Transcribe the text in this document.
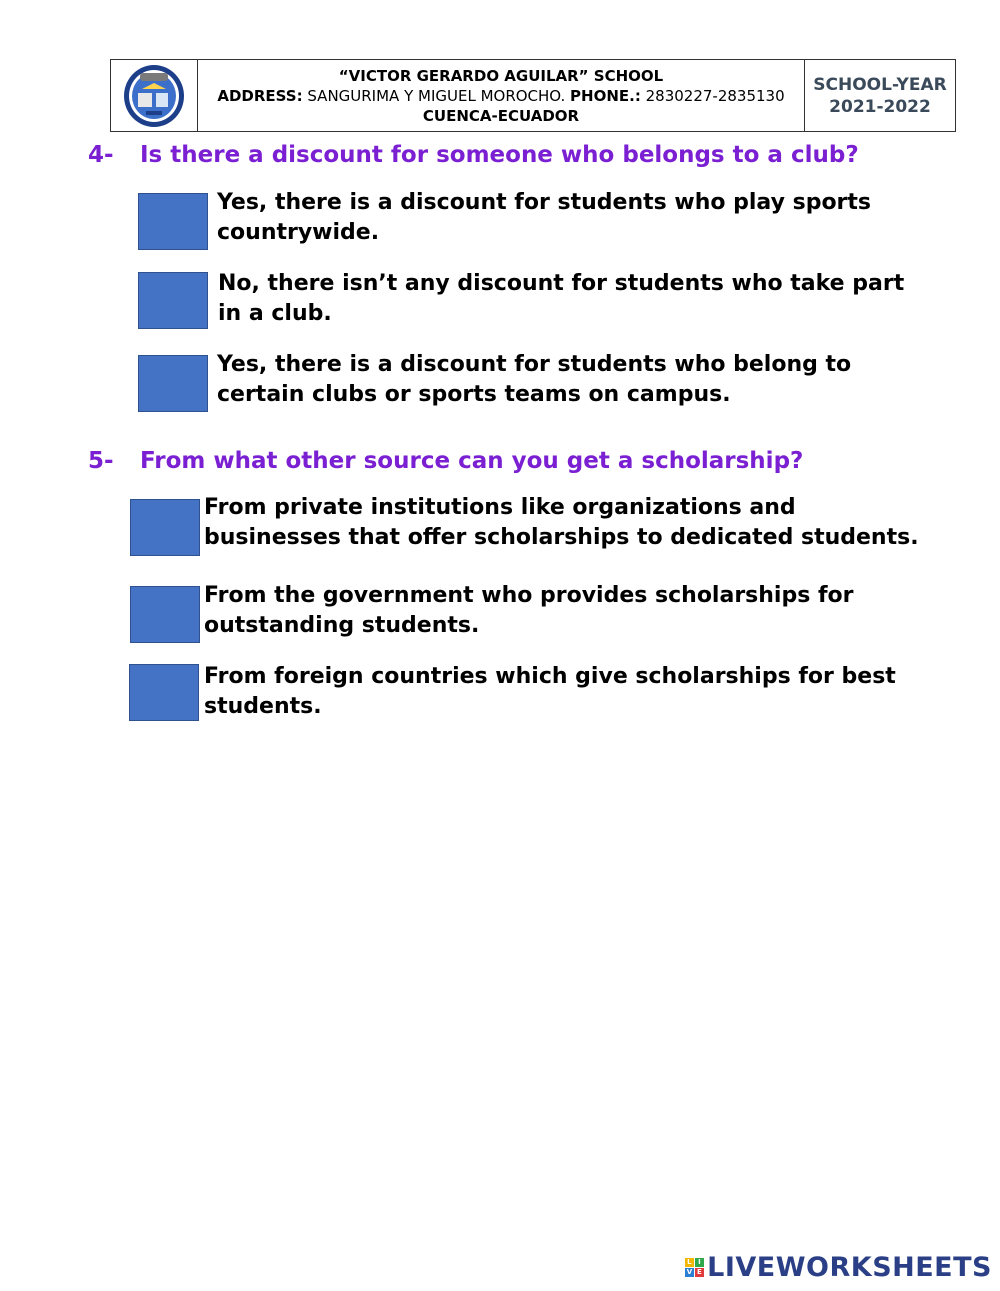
“VICTOR GERARDO AGUILAR” SCHOOL
ADDRESS: SANGURIMA Y MIGUEL MOROCHO. PHONE.: 2830227-2835130
CUENCA-ECUADOR
SCHOOL-YEAR
2021-2022
4-	Is there a discount for someone who belongs to a club?
Yes, there is a discount for students who play sports
countrywide.
No, there isn’t any discount for students who take part
in a club.
Yes, there is a discount for students who belong to
certain clubs or sports teams on campus.
5-	From what other source can you get a scholarship?
From private institutions like organizations and
businesses that offer scholarships to dedicated students.
From the government who provides scholarships for
outstanding students.
From foreign countries which give scholarships for best
students.
L I
V E LIVEWORKSHEETS
